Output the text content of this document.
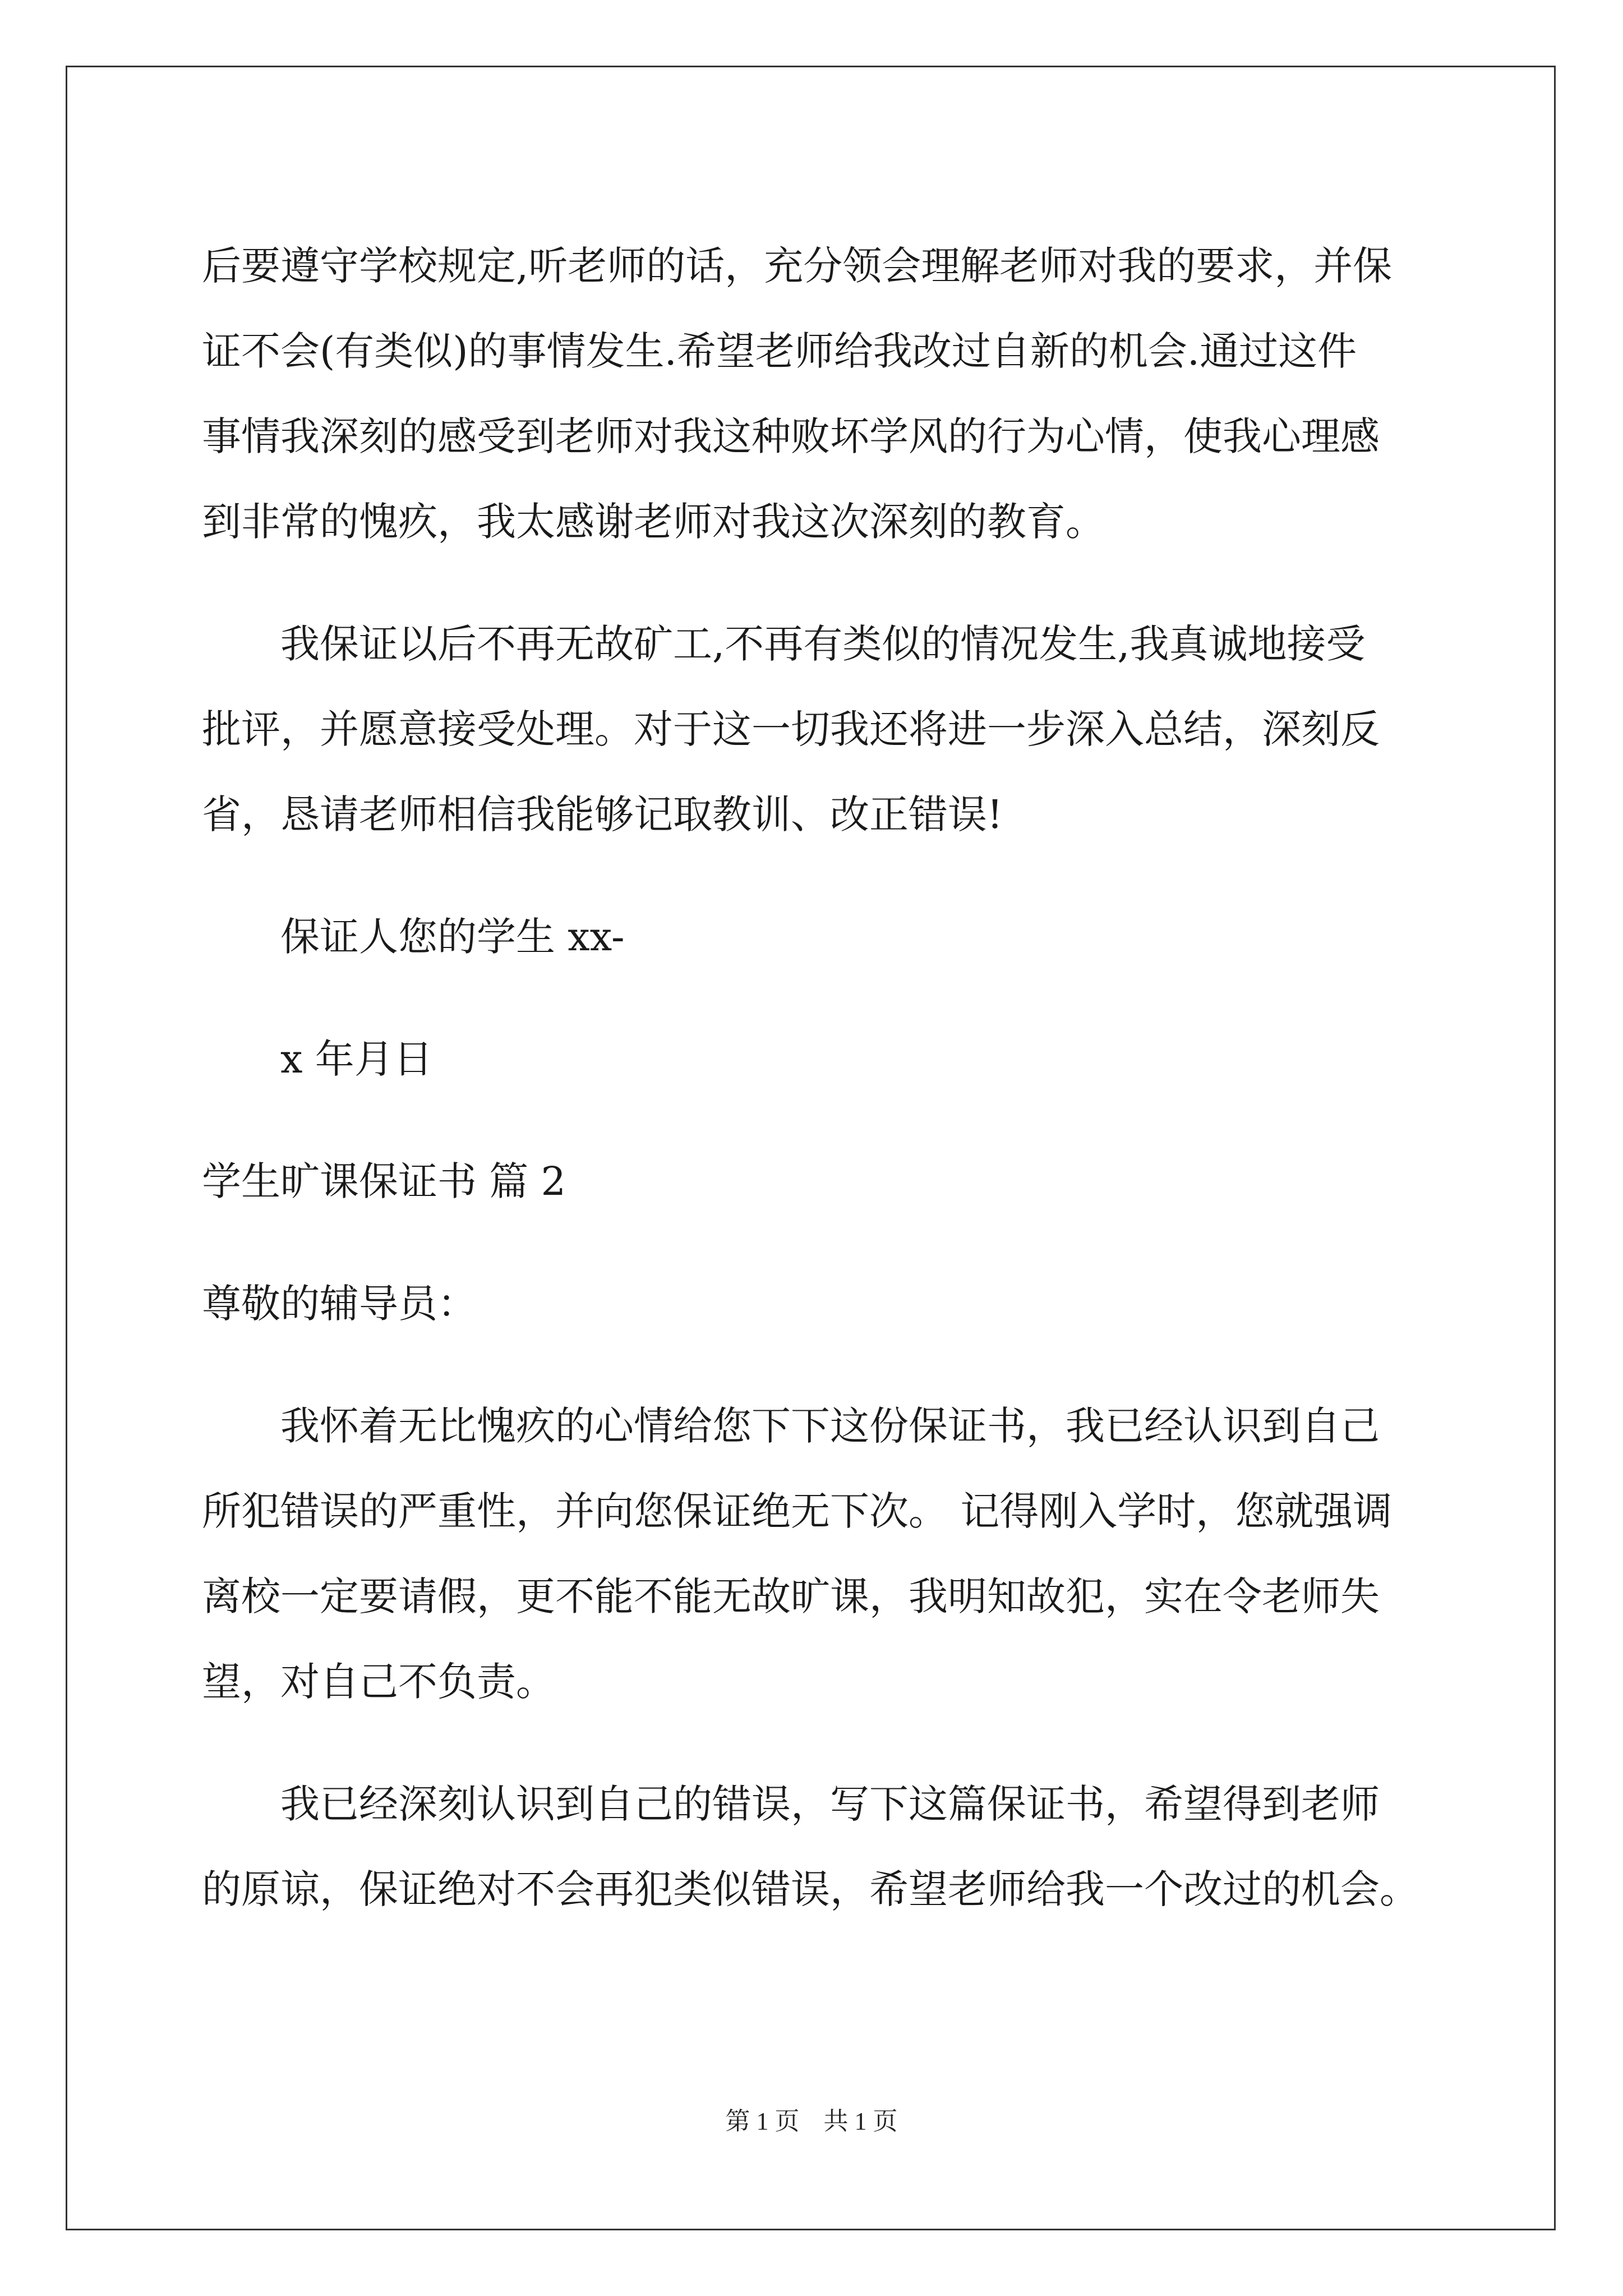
后要遵守学校规定,听老师的话，充分领会理解老师对我的要求，并保
证不会(有类似)的事情发生.希望老师给我改过自新的机会.通过这件
事情我深刻的感受到老师对我这种败坏学风的行为心情，使我心理感
到非常的愧疚，我太感谢老师对我这次深刻的教育。
我保证以后不再无故矿工,不再有类似的情况发生,我真诚地接受
批评，并愿意接受处理。对于这一切我还将进一步深入总结，深刻反
省，恳请老师相信我能够记取教训、改正错误!
保证人您的学生 xx-
x 年月日
学生旷课保证书 篇 2
尊敬的辅导员：
我怀着无比愧疚的心情给您下下这份保证书，我已经认识到自己
所犯错误的严重性，并向您保证绝无下次。 记得刚入学时，您就强调
离校一定要请假，更不能不能无故旷课，我明知故犯，实在令老师失
望，对自己不负责。
我已经深刻认识到自己的错误，写下这篇保证书，希望得到老师
的原谅，保证绝对不会再犯类似错误，希望老师给我一个改过的机会。
第 1 页 共 1 页
